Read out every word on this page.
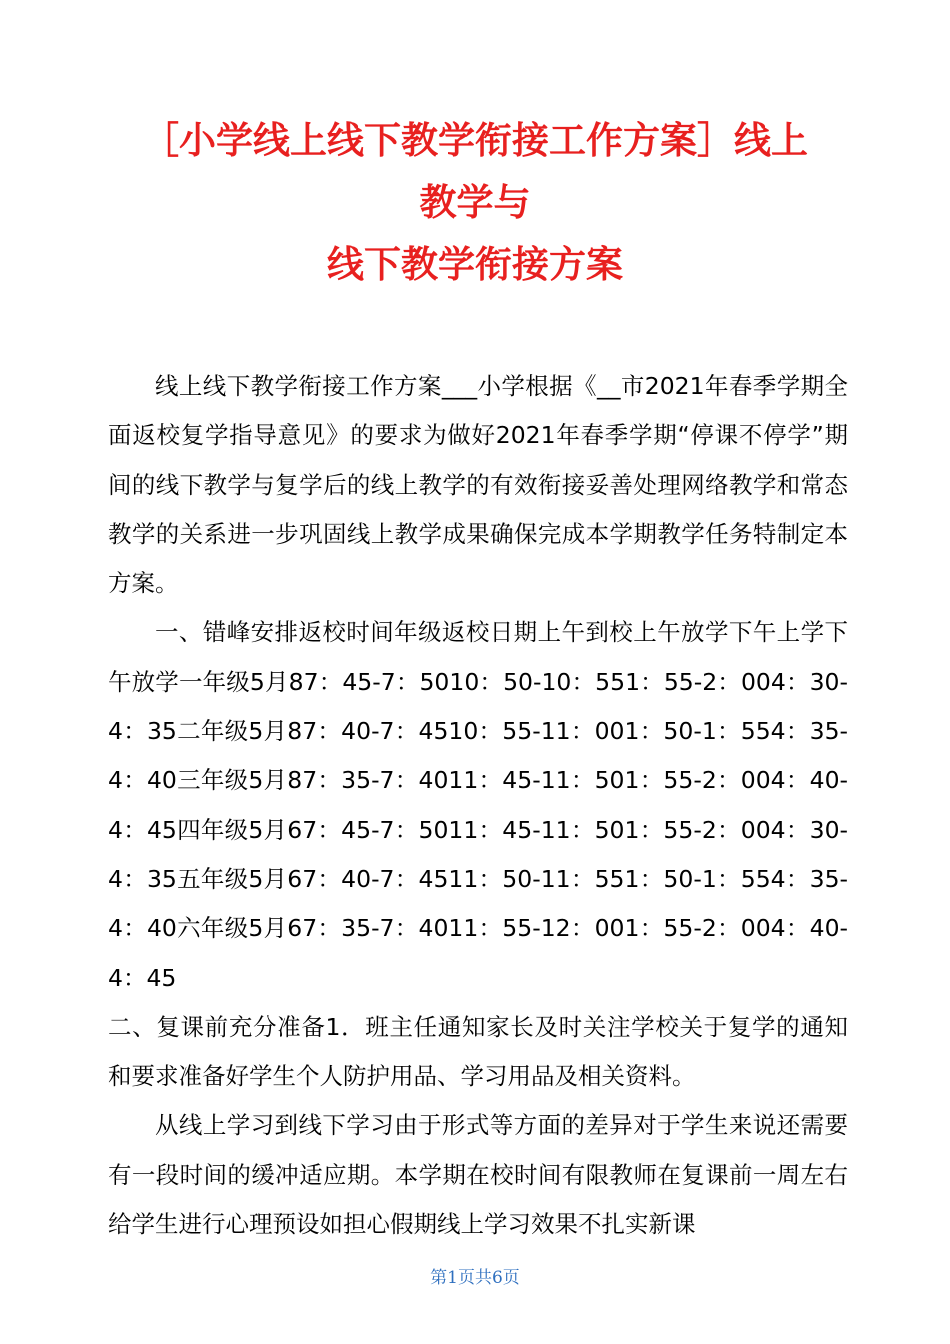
［小学线上线下教学衔接工作方案］线上
教学与
线下教学衔接方案

线上线下教学衔接工作方案___小学根据《__市2021年春季学期全面返校复学指导意见》的要求为做好2021年春季学期“停课不停学”期间的线下教学与复学后的线上教学的有效衔接妥善处理网络教学和常态教学的关系进一步巩固线上教学成果确保完成本学期教学任务特制定本方案。

一、错峰安排返校时间年级返校日期上午到校上午放学下午上学下午放学一年级5月87：45-7：5010：50-10：551：55-2：004：30-4：35二年级5月87：40-7：4510：55-11：001：50-1：554：35-4：40三年级5月87：35-7：4011：45-11：501：55-2：004：40-4：45四年级5月67：45-7：5011：45-11：501：55-2：004：30-4：35五年级5月67：40-7：4511：50-11：551：50-1：554：35-4：40六年级5月67：35-7：4011：55-12：001：55-2：004：40-4：45

二、复课前充分准备1．班主任通知家长及时关注学校关于复学的通知和要求准备好学生个人防护用品、学习用品及相关资料。

从线上学习到线下学习由于形式等方面的差异对于学生来说还需要有一段时间的缓冲适应期。本学期在校时间有限教师在复课前一周左右给学生进行心理预设如担心假期线上学习效果不扎实新课

第1页共6页
